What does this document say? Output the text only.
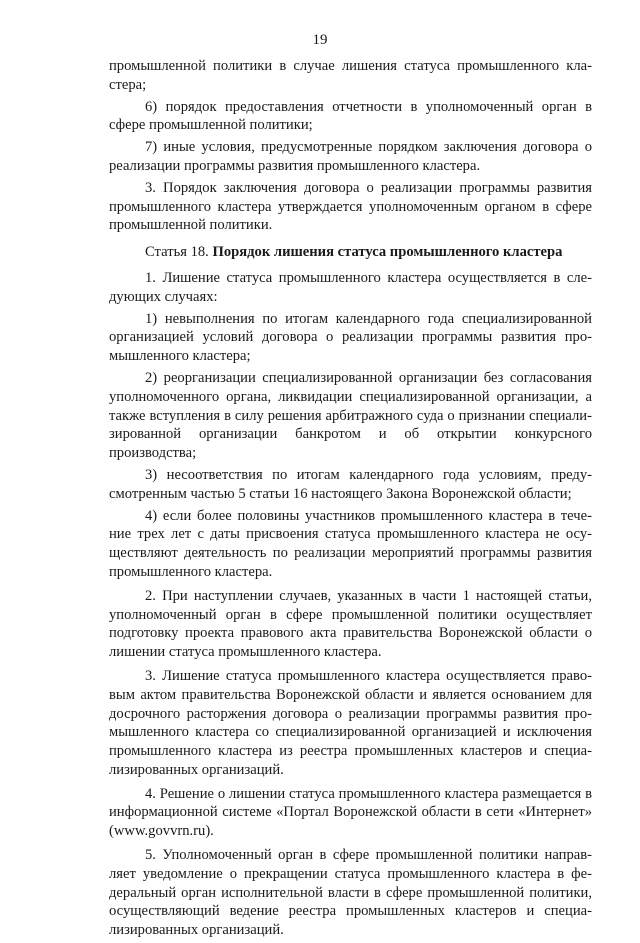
19

промышленной политики в случае лишения статуса промышленного кластера;

6) порядок предоставления отчетности в уполномоченный орган в сфере промышленной политики;

7) иные условия, предусмотренные порядком заключения договора о реализации программы развития промышленного кластера.

3. Порядок заключения договора о реализации программы развития промышленного кластера утверждается уполномоченным органом в сфере промышленной политики.

Статья 18. Порядок лишения статуса промышленного кластера

1. Лишение статуса промышленного кластера осуществляется в следующих случаях:

1) невыполнения по итогам календарного года специализированной организацией условий договора о реализации программы развития промышленного кластера;

2) реорганизации специализированной организации без согласования уполномоченного органа, ликвидации специализированной организации, а также вступления в силу решения арбитражного суда о признании специализированной организации банкротом и об открытии конкурсного производства;

3) несоответствия по итогам календарного года условиям, предусмотренным частью 5 статьи 16 настоящего Закона Воронежской области;

4) если более половины участников промышленного кластера в течение трех лет с даты присвоения статуса промышленного кластера не осуществляют деятельность по реализации мероприятий программы развития промышленного кластера.

2. При наступлении случаев, указанных в части 1 настоящей статьи, уполномоченный орган в сфере промышленной политики осуществляет подготовку проекта правового акта правительства Воронежской области о лишении статуса промышленного кластера.

3. Лишение статуса промышленного кластера осуществляется правовым актом правительства Воронежской области и является основанием для досрочного расторжения договора о реализации программы развития промышленного кластера со специализированной организацией и исключения промышленного кластера из реестра промышленных кластеров и специализированных организаций.

4. Решение о лишении статуса промышленного кластера размещается в информационной системе «Портал Воронежской области в сети «Интернет» (www.govvrn.ru).

5. Уполномоченный орган в сфере промышленной политики направляет уведомление о прекращении статуса промышленного кластера в федеральный орган исполнительной власти в сфере промышленной политики, осуществляющий ведение реестра промышленных кластеров и специализированных организаций.
